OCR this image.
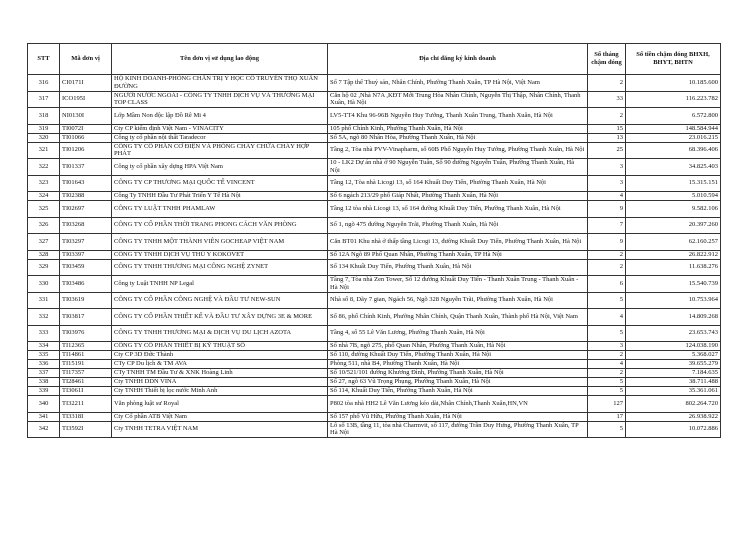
STT	Mã đơn vị	Tên đơn vị sử dụng lao động	Địa chỉ đăng ký kinh doanh	Số tháng chậm đóng	Số tiền chậm đóng BHXH, BHYT, BHTN
316	CI0171I	HỘ KINH DOANH-PHÒNG CHẨN TRỊ Y HỌC CỔ TRUYỀN THỌ XUÂN ĐƯỜNG	Số 7 Tập thể Thuỷ sản, Nhân Chính, Phường Thanh Xuân, TP Hà Nội, Việt Nam	2	10.185.600
317	ICO195I	NGƯỜI NƯỚC NGOÀI - CÔNG TY TNHH DỊCH VỤ VÀ THƯƠNG MẠI TOP CLASS	Căn hộ 02 ,Nhà N7A ,KĐT Mới Trung Hòa Nhân Chính, Nguyễn Thị Thập, Nhân Chính, Thanh Xuân, Hà Nội	33	116.223.782
318	NI0130I	Lớp Mầm Non độc lập Đồ Rê Mi 4	LV5-TT4 Khu 96-96B Nguyễn Huy Tưởng, Thanh Xuân Trung, Thanh Xuân, Hà Nội	2	6.572.800
319	TI0072I	Cty CP kiểm định Việt Nam - VINACITY	105 phố Chính Kinh, Phường Thanh Xuân, Hà Nội	15	148.584.944
320	TI01066	Công ty cổ phần nội thất Taradecor	Số 5A, ngõ 80 Nhân Hòa, Phường Thanh Xuân, Hà Nội	13	23.016.215
321	TI01206	CÔNG TY CỔ PHẦN CƠ ĐIỆN VÀ PHÒNG CHÁY CHỮA CHÁY HỢP PHÁT	Tầng 2, Tòa nhà PVV-Vinapharm, số 60B Phố Nguyễn Huy Tưởng, Phường Thanh Xuân, Hà Nội	25	68.396.406
322	TI01337	Công ty cổ phần xây dựng HPA Việt Nam	10 - LK2 Dự án nhà ở 90 Nguyễn Tuân, Số 90 đường Nguyễn Tuân, Phường Thanh Xuân, Hà Nội	3	34.825.403
323	TI01643	CÔNG TY CP THƯƠNG MẠI QUỐC TẾ VINCENT	Tầng 12, Tòa nhà Licogi 13, số 164 Khuất Duy Tiến, Phường Thanh Xuân, Hà Nội	3	15.315.151
324	TI02388	Công Ty TNHH Đầu Tư Phát Triển Y Tế Hà Nội	Số 6 ngách 213/29 phố Giáp Nhất, Phường Thanh Xuân, Hà Nội	4	5.010.594
325	TI02697	CÔNG TY LUẬT TNHH PHAMLAW	Tầng 12 tòa nhà Licogi 13, số 164 đường Khuất Duy Tiến, Phường Thanh Xuân, Hà Nội	9	9.582.106
326	TI03268	CÔNG TY CỔ PHẦN THỜI TRANG PHONG CÁCH VĂN PHÒNG	Số 1, ngõ 475 đường Nguyễn Trãi, Phường Thanh Xuân, Hà Nội	7	20.397.260
327	TI03297	CÔNG TY TNHH MỘT THÀNH VIÊN GOCHEAP VIỆT NAM	Căn BT01 Khu nhà ở thấp tầng Licogi 13, đường Khuất Duy Tiến, Phường Thanh Xuân, Hà Nội	9	62.160.257
328	TI03397	CÔNG TY TNHH DỊCH VỤ THÚ Y KOKOVET	Số 12A Ngõ 89 Phố Quan Nhân, Phường Thanh Xuân, TP Hà Nội	2	26.822.912
329	TI03459	CÔNG TY TNHH THƯƠNG MẠI CÔNG NGHỆ ZYNET	Số 134 Khuất Duy Tiến, Phường Thanh Xuân, Hà Nội	2	11.638.276
330	TI03486	Công ty Luật TNHH NP Legal	Tầng 7, Tòa nhà Zen Tower, Số 12 đường Khuất Duy Tiến - Thanh Xuân Trung - Thanh Xuân - Hà Nội	6	15.540.739
331	TI03619	CÔNG TY CỔ PHẦN CÔNG NGHỆ VÀ ĐẦU TƯ NEW-SUN	Nhà số 8, Dãy 7 gian, Ngách 56, Ngõ 328 Nguyễn Trãi, Phường Thanh Xuân, Hà Nội	5	10.753.964
332	TI03817	CÔNG TY CỔ PHẦN THIẾT KẾ VÀ ĐẦU TƯ XÂY DỰNG 3E & MORE	Số 86, phố Chính Kinh, Phường Nhân Chính, Quận Thanh Xuân, Thành phố Hà Nội, Việt Nam	4	14.809.268
333	TI03976	CÔNG TY TNHH THƯƠNG MẠI & DỊCH VỤ DU LỊCH AZOTA	Tầng 4, số 55 Lê Văn Lương, Phường Thanh Xuân, Hà Nội	5	23.653.743
334	TI12365	CÔNG TY CỔ PHẦN THIẾT BỊ KỸ THUẬT SỐ	Số nhà 7B, ngõ 275, phố Quan Nhân, Phường Thanh Xuân, Hà Nội	3	124.038.190
335	TI14861	Cty CP 3D Đức Thành	Số 110, đường Khuất Duy Tiến, Phường Thanh Xuân, Hà Nội	2	5.368.027
336	TI15191	CTy CP Du lịch & TM AVA	Phòng 511, nhà B4, Phường Thanh Xuân, Hà Nội	4	39.655.279
337	TI17357	CTy TNHH TM Đầu Tư & XNK Hoàng Linh	Số 10/521/101 đường Khương Đình, Phường Thanh Xuân, Hà Nội	2	7.184.635
338	TI28461	Cty TNHH DDN VINA	Số 27, ngõ 63 Vũ Trọng Phụng, Phường Thanh Xuân, Hà Nội	5	38.711.488
339	TI3061I	Cty TNHH Thiết bị lọc nước Minh Anh	Số 114, Khuất Duy Tiến, Phường Thanh Xuân, Hà Nội	5	35.361.061
340	TI32211	Văn phòng luật sư Royal	P802 tòa nhà HH2 Lê Văn Lương kéo dài,Nhân Chính,Thanh Xuân,HN,VN	127	802.264.720
341	TI3318I	Cty Cổ phần ATB Việt Nam	Số 157 phố Vũ Hữu, Phường Thanh Xuân, Hà Nội	17	26.938.922
342	TI3592I	Cty TNHH TETRA VIỆT NAM	Lô số 13B, tầng 11, tòa nhà Charmvit, số 117, đường Trần Duy Hưng, Phường Thanh Xuân, TP Hà Nội	5	10.072.886
